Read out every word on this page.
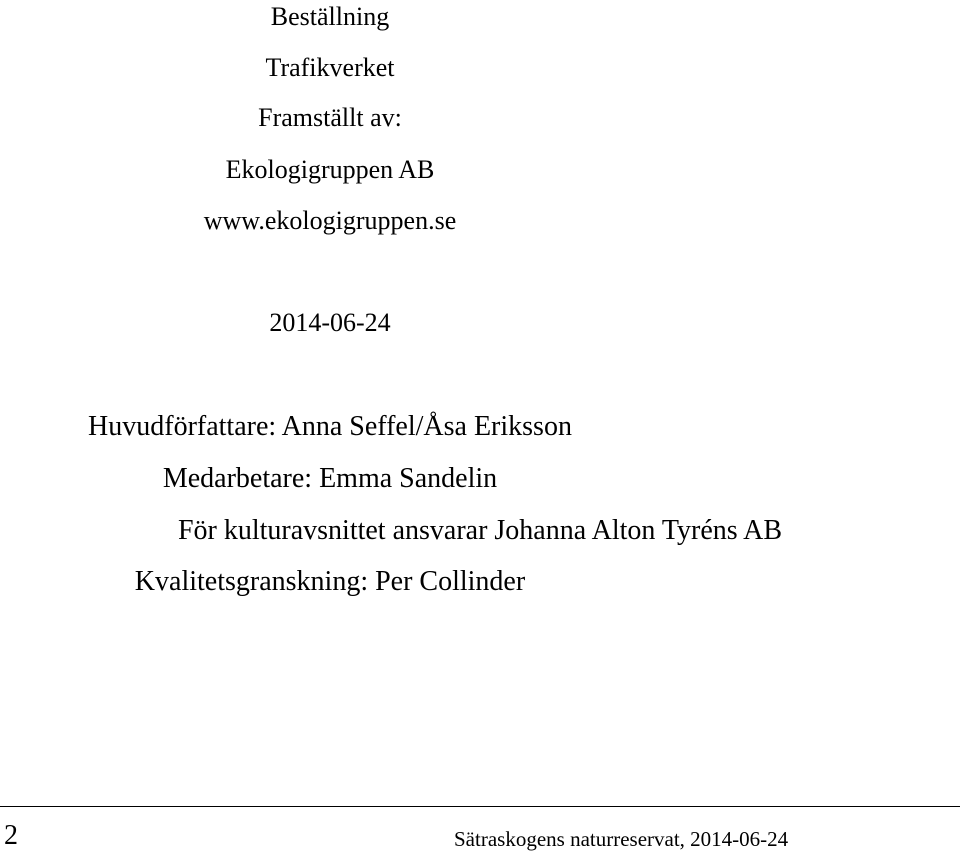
Beställning
Trafikverket
Framställt av:
Ekologigruppen AB
www.ekologigruppen.se
2014-06-24
Huvudförfattare: Anna Seffel/Åsa Eriksson
Medarbetare: Emma Sandelin
För kulturavsnittet ansvarar Johanna Alton Tyréns AB
Kvalitetsgranskning: Per Collinder
2	Sätraskogens naturreservat, 2014-06-24
